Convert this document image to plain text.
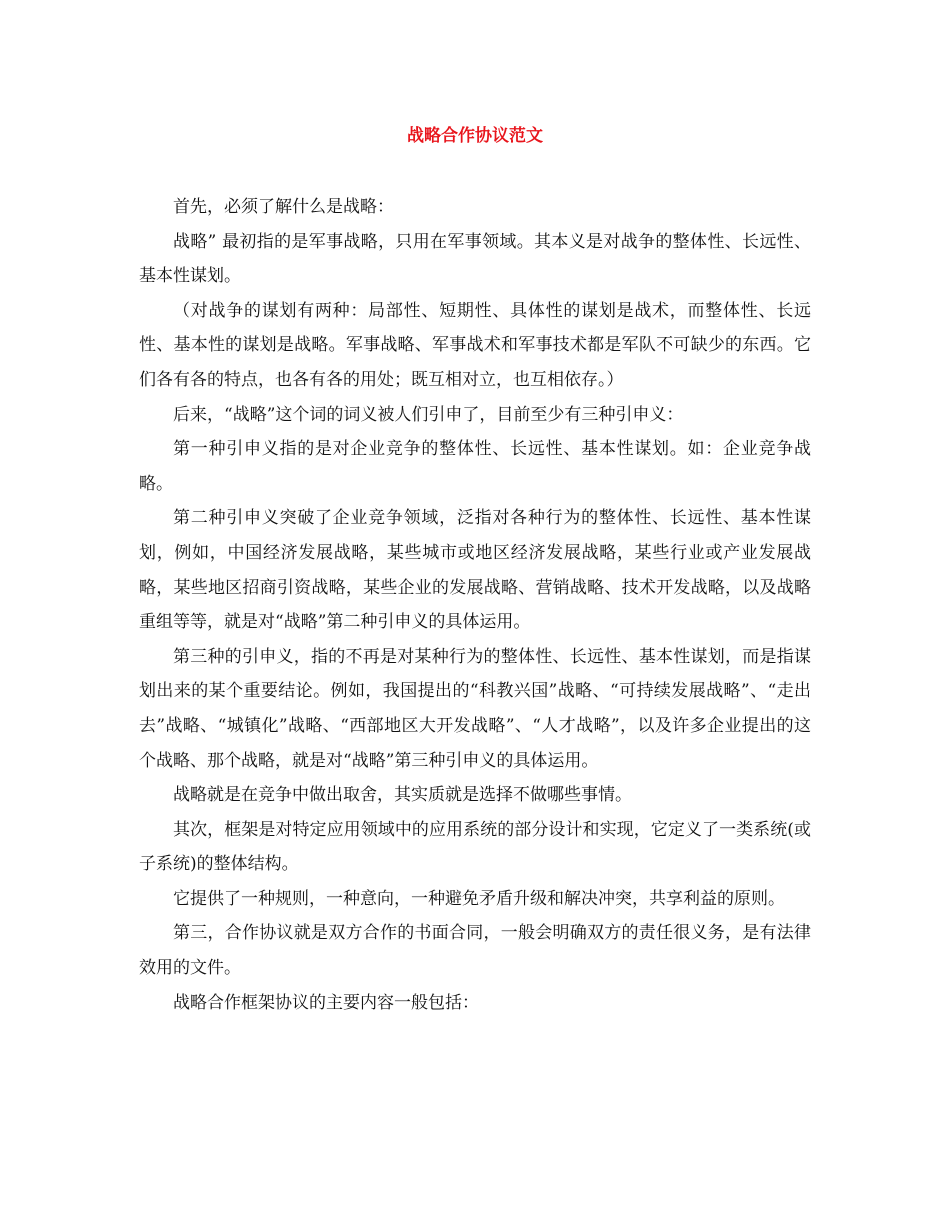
战略合作协议范文

首先，必须了解什么是战略：

战略” 最初指的是军事战略，只用在军事领域。其本义是对战争的整体性、长远性、基本性谋划。

（对战争的谋划有两种：局部性、短期性、具体性的谋划是战术，而整体性、长远性、基本性的谋划是战略。军事战略、军事战术和军事技术都是军队不可缺少的东西。它们各有各的特点，也各有各的用处；既互相对立，也互相依存。）

后来，“战略”这个词的词义被人们引申了，目前至少有三种引申义：

第一种引申义指的是对企业竞争的整体性、长远性、基本性谋划。如：企业竞争战略。

第二种引申义突破了企业竞争领域，泛指对各种行为的整体性、长远性、基本性谋划，例如，中国经济发展战略，某些城市或地区经济发展战略，某些行业或产业发展战略，某些地区招商引资战略，某些企业的发展战略、营销战略、技术开发战略，以及战略重组等等，就是对“战略”第二种引申义的具体运用。

第三种的引申义，指的不再是对某种行为的整体性、长远性、基本性谋划，而是指谋划出来的某个重要结论。例如，我国提出的“科教兴国”战略、“可持续发展战略”、“走出去”战略、“城镇化”战略、“西部地区大开发战略”、“人才战略”，以及许多企业提出的这个战略、那个战略，就是对“战略”第三种引申义的具体运用。

战略就是在竞争中做出取舍，其实质就是选择不做哪些事情。

其次，框架是对特定应用领域中的应用系统的部分设计和实现，它定义了一类系统(或子系统)的整体结构。

它提供了一种规则，一种意向，一种避免矛盾升级和解决冲突，共享利益的原则。

第三，合作协议就是双方合作的书面合同，一般会明确双方的责任很义务，是有法律效用的文件。

战略合作框架协议的主要内容一般包括：
